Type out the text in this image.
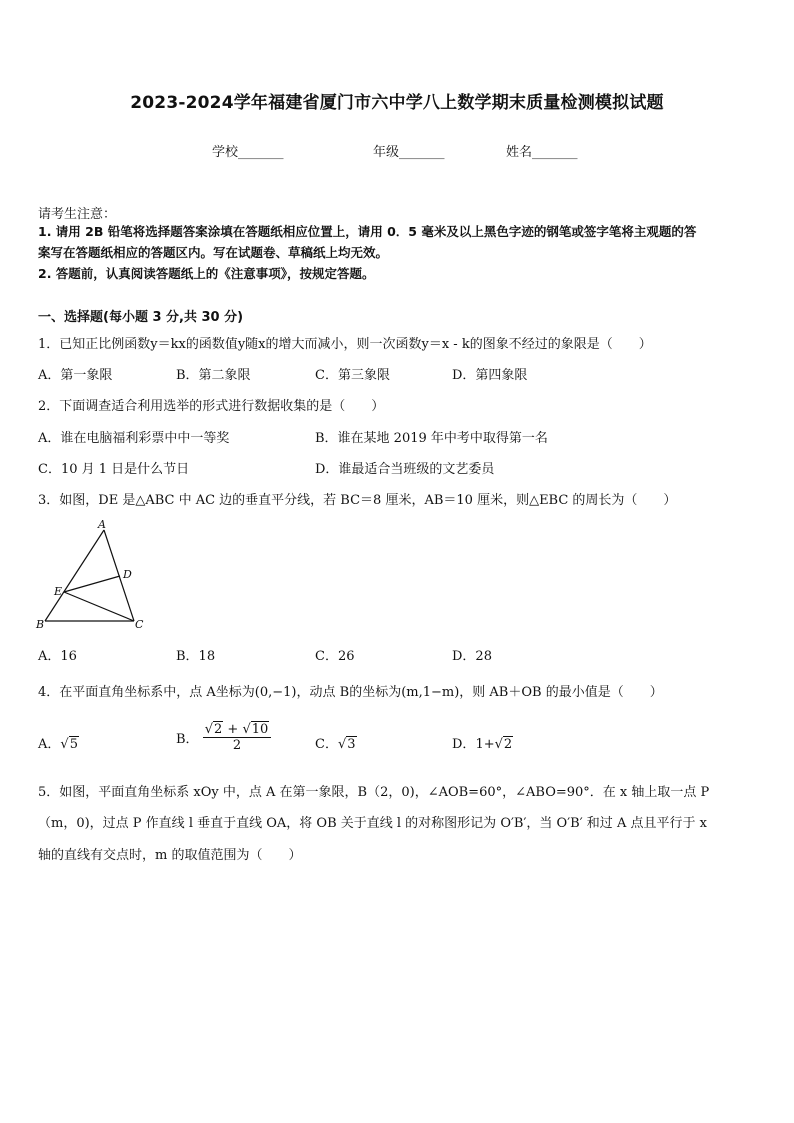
2023-2024学年福建省厦门市六中学八上数学期末质量检测模拟试题
学校_______	年级_______	姓名_______
请考生注意：
1. 请用 2B 铅笔将选择题答案涂填在答题纸相应位置上，请用 0．5 毫米及以上黑色字迹的钢笔或签字笔将主观题的答
案写在答题纸相应的答题区内。写在试题卷、草稿纸上均无效。
2. 答题前，认真阅读答题纸上的《注意事项》，按规定答题。
一、选择题(每小题 3 分,共 30 分)
1．已知正比例函数y＝kx的函数值y随x的增大而减小，则一次函数y＝x - k的图象不经过的象限是（　　）
A．第一象限	B．第二象限	C．第三象限	D．第四象限
2．下面调查适合利用选举的形式进行数据收集的是（　　）
A．谁在电脑福利彩票中中一等奖	B．谁在某地 2019 年中考中取得第一名
C．10 月 1 日是什么节日	D．谁最适合当班级的文艺委员
3．如图，DE 是△ABC 中 AC 边的垂直平分线，若 BC＝8 厘米，AB＝10 厘米，则△EBC 的周长为（　　）
A
B	C
D
E
A．16	B．18	C．26	D．28
4．在平面直角坐标系中，点 A坐标为(0,−1)，动点 B的坐标为(m,1−m)，则 AB＋OB 的最小值是（　　）
A．√5	B． $\frac{√2 + √10}{2}$	C．√3	D．1+√2
5．如图，平面直角坐标系 xOy 中，点 A 在第一象限，B（2，0)，∠AOB=60°，∠ABO=90°．在 x 轴上取一点 P
（m，0)，过点 P 作直线 l 垂直于直线 OA，将 OB 关于直线 l 的对称图形记为 O′B′，当 O′B′ 和过 A 点且平行于 x
轴的直线有交点时，m 的取值范围为（　　）
